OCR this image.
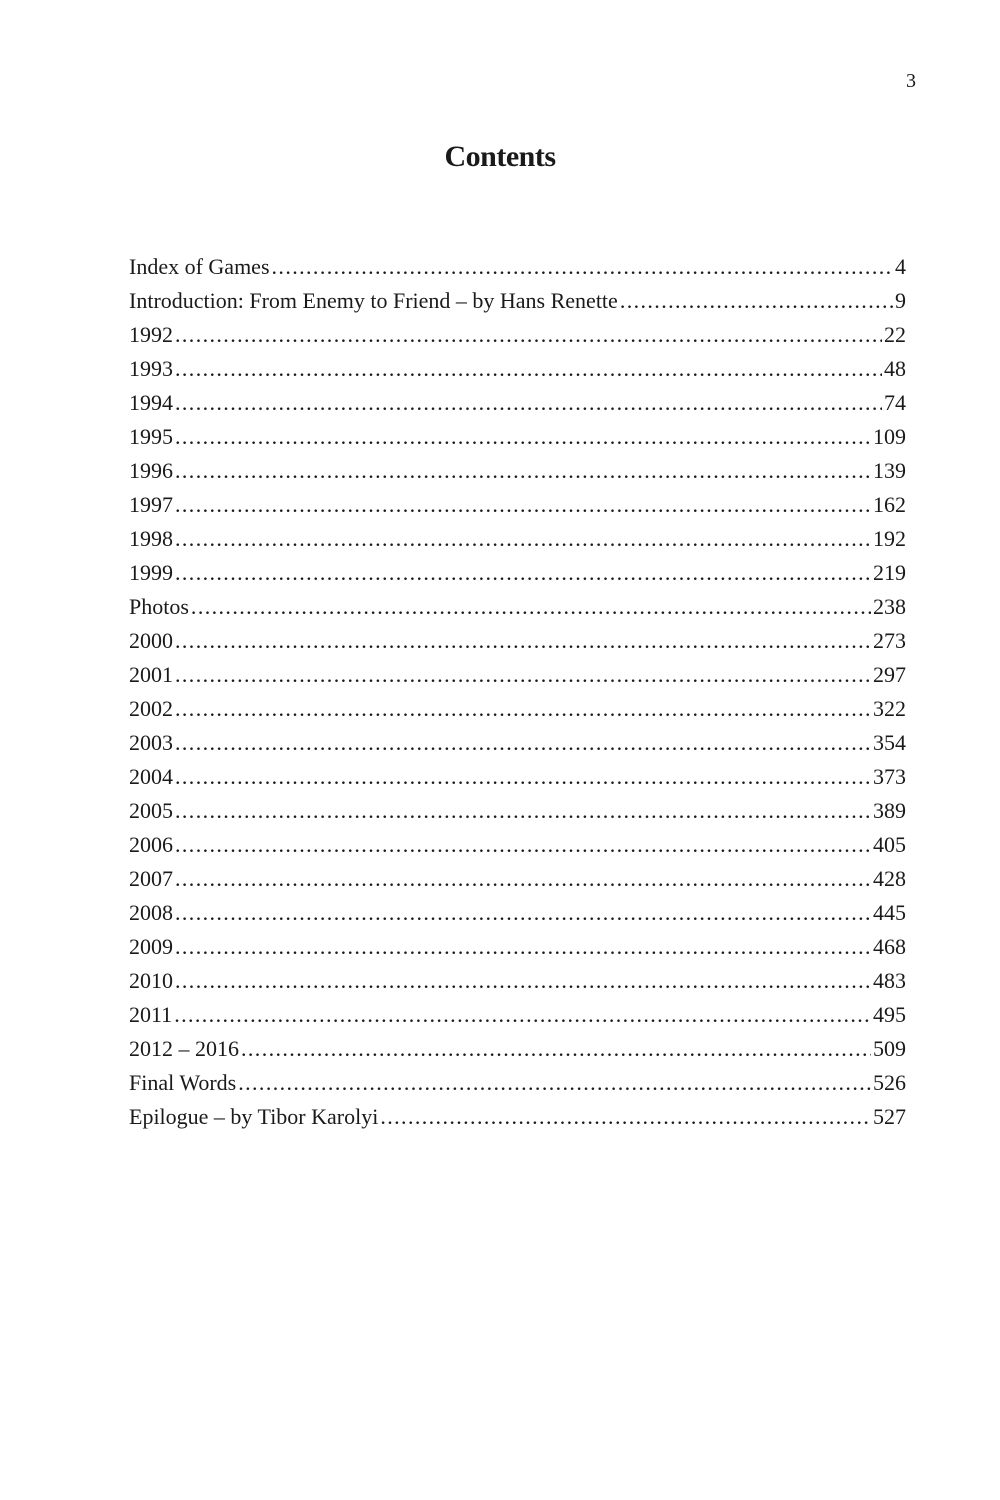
3
Contents
Index of Games .....	4
Introduction: From Enemy to Friend – by Hans Renette .....	9
1992 .....	22
1993 .....	48
1994 .....	74
1995 .....	109
1996 .....	139
1997 .....	162
1998 .....	192
1999 .....	219
Photos .....	238
2000 .....	273
2001 .....	297
2002 .....	322
2003 .....	354
2004 .....	373
2005 .....	389
2006 .....	405
2007 .....	428
2008 .....	445
2009 .....	468
2010 .....	483
2011 .....	495
2012 – 2016 .....	509
Final Words .....	526
Epilogue – by Tibor Karolyi .....	527
